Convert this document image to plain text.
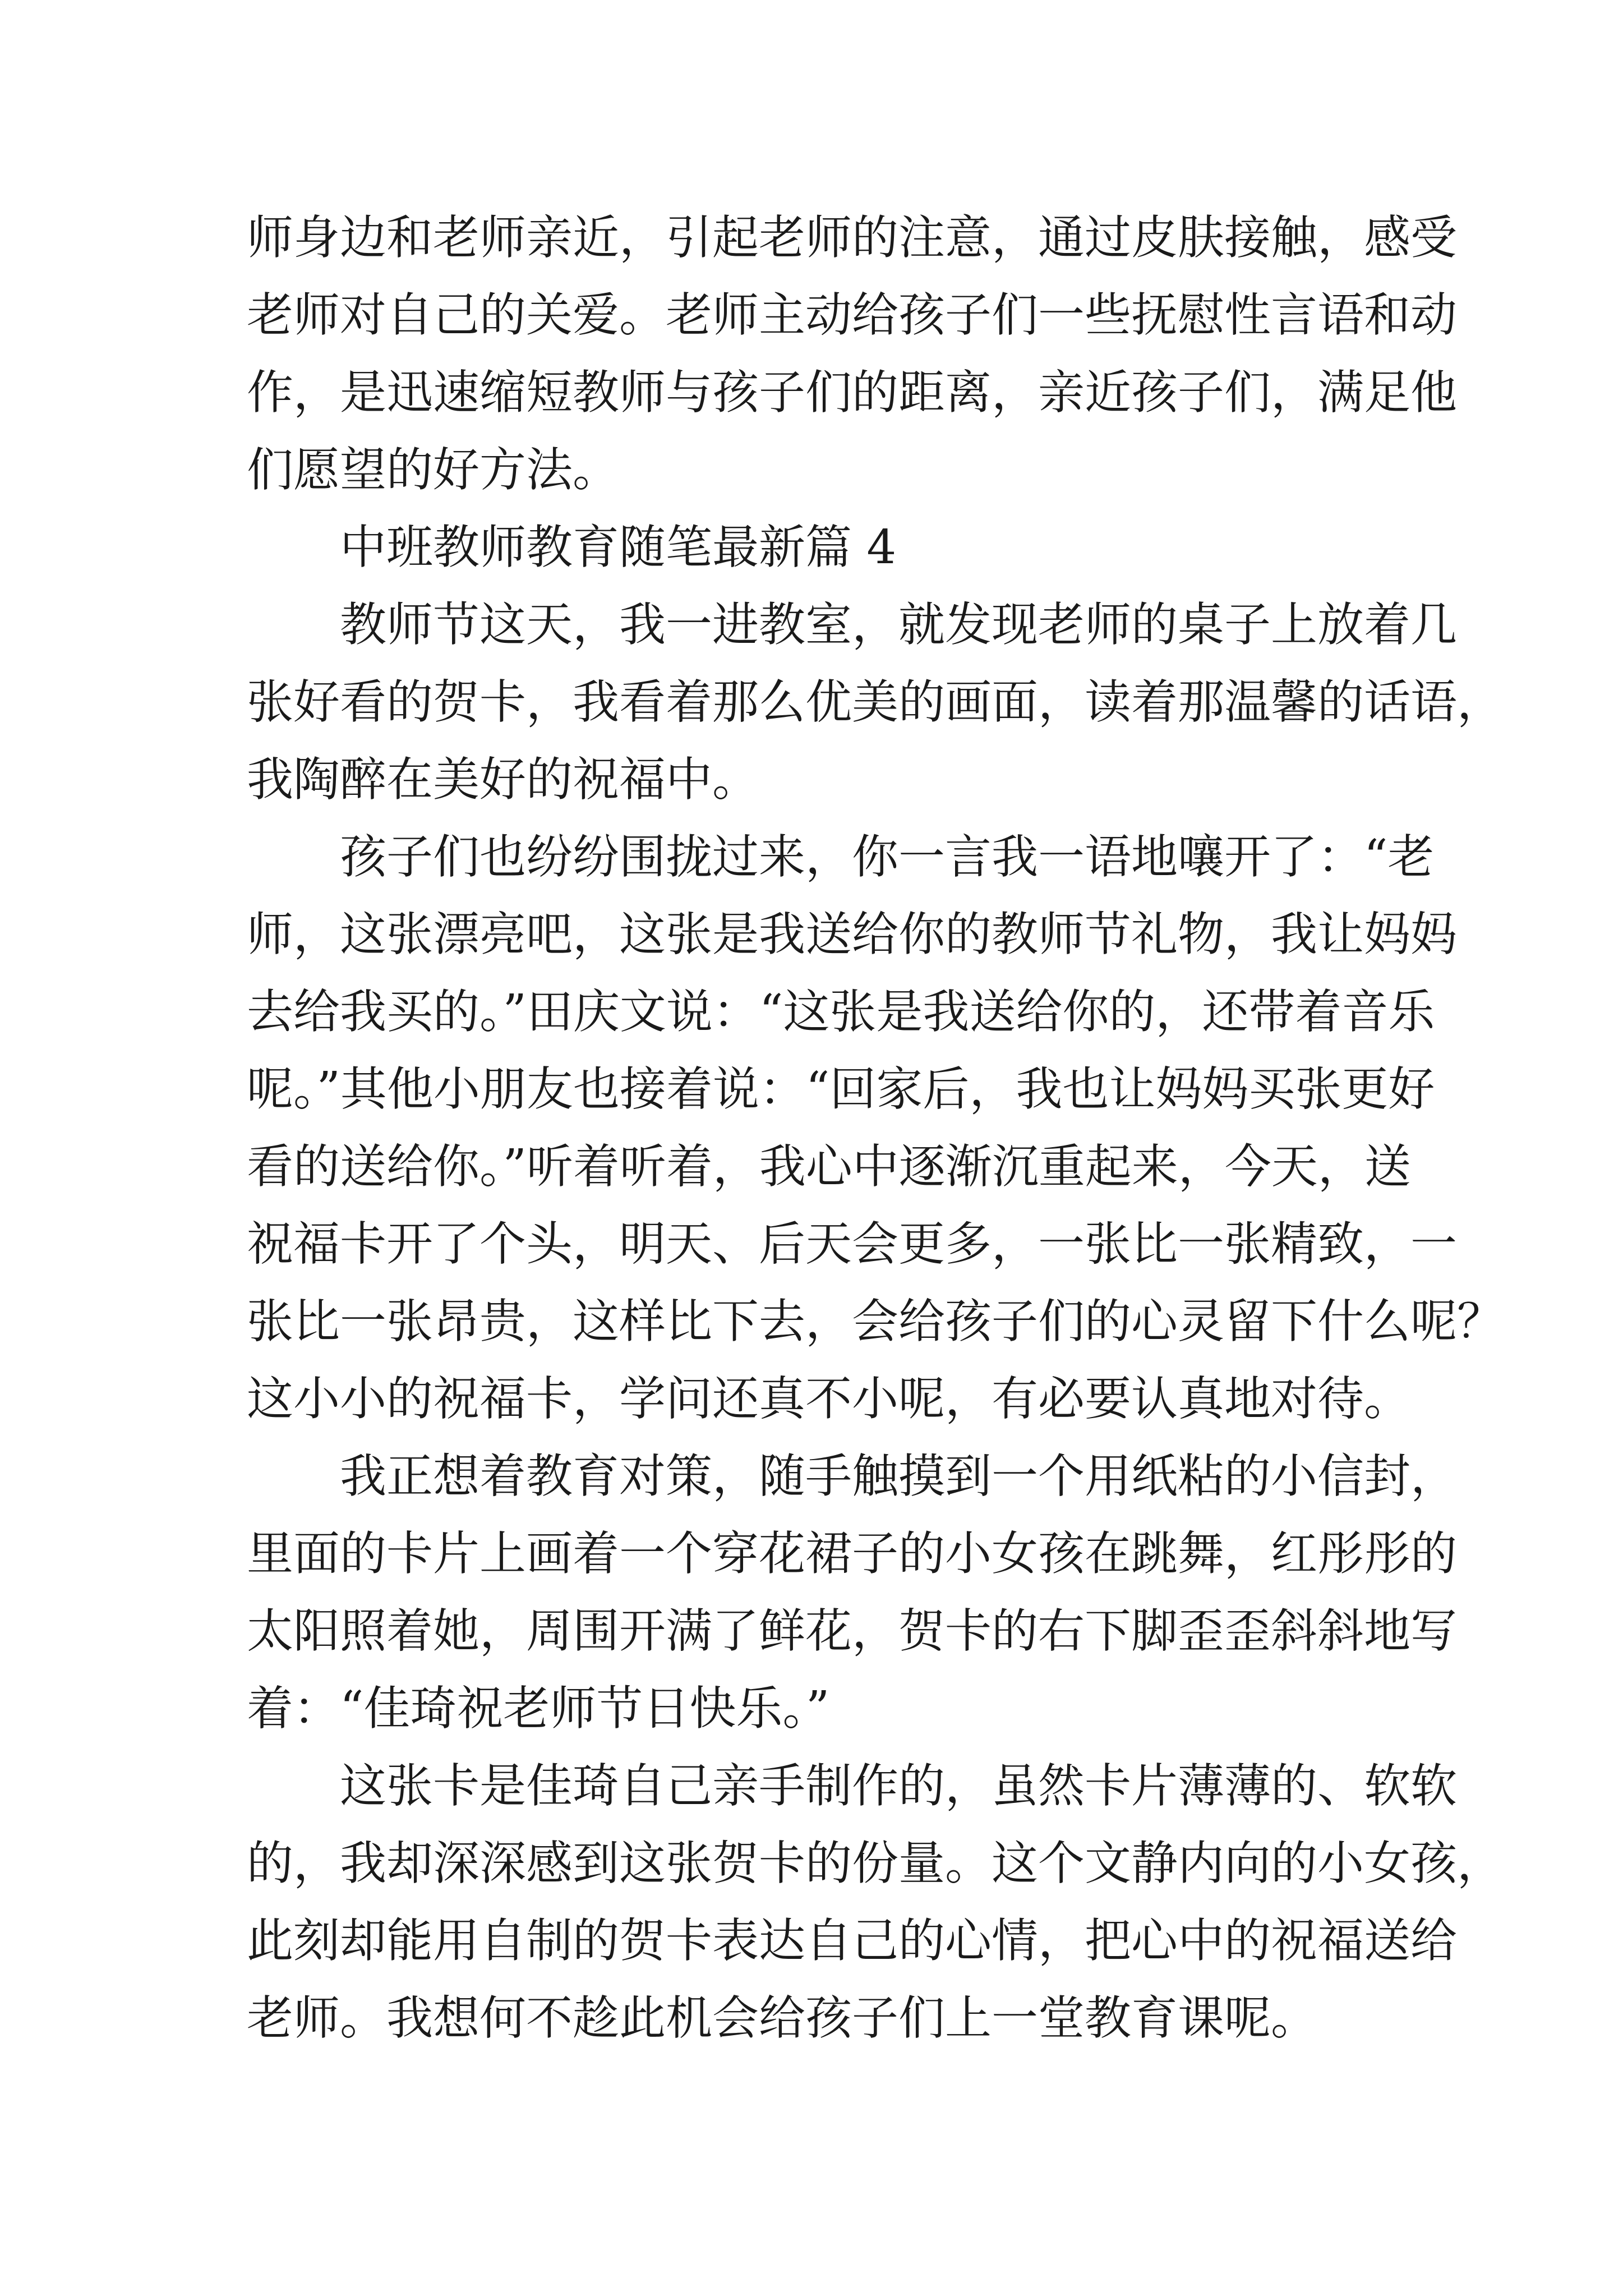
师身边和老师亲近，引起老师的注意，通过皮肤接触，感受
老师对自己的关爱。老师主动给孩子们一些抚慰性言语和动
作，是迅速缩短教师与孩子们的距离，亲近孩子们，满足他
们愿望的好方法。
中班教师教育随笔最新篇 4
教师节这天，我一进教室，就发现老师的桌子上放着几
张好看的贺卡，我看着那么优美的画面，读着那温馨的话语，
我陶醉在美好的祝福中。
孩子们也纷纷围拢过来，你一言我一语地嚷开了：“老
师，这张漂亮吧，这张是我送给你的教师节礼物，我让妈妈
去给我买的。”田庆文说：“这张是我送给你的，还带着音乐
呢。”其他小朋友也接着说：“回家后，我也让妈妈买张更好
看的送给你。”听着听着，我心中逐渐沉重起来，今天，送
祝福卡开了个头，明天、后天会更多，一张比一张精致，一
张比一张昂贵，这样比下去，会给孩子们的心灵留下什么呢？
这小小的祝福卡，学问还真不小呢，有必要认真地对待。
我正想着教育对策，随手触摸到一个用纸粘的小信封，
里面的卡片上画着一个穿花裙子的小女孩在跳舞，红彤彤的
太阳照着她，周围开满了鲜花，贺卡的右下脚歪歪斜斜地写
着：“佳琦祝老师节日快乐。”
这张卡是佳琦自己亲手制作的，虽然卡片薄薄的、软软
的，我却深深感到这张贺卡的份量。这个文静内向的小女孩，
此刻却能用自制的贺卡表达自己的心情，把心中的祝福送给
老师。我想何不趁此机会给孩子们上一堂教育课呢。
